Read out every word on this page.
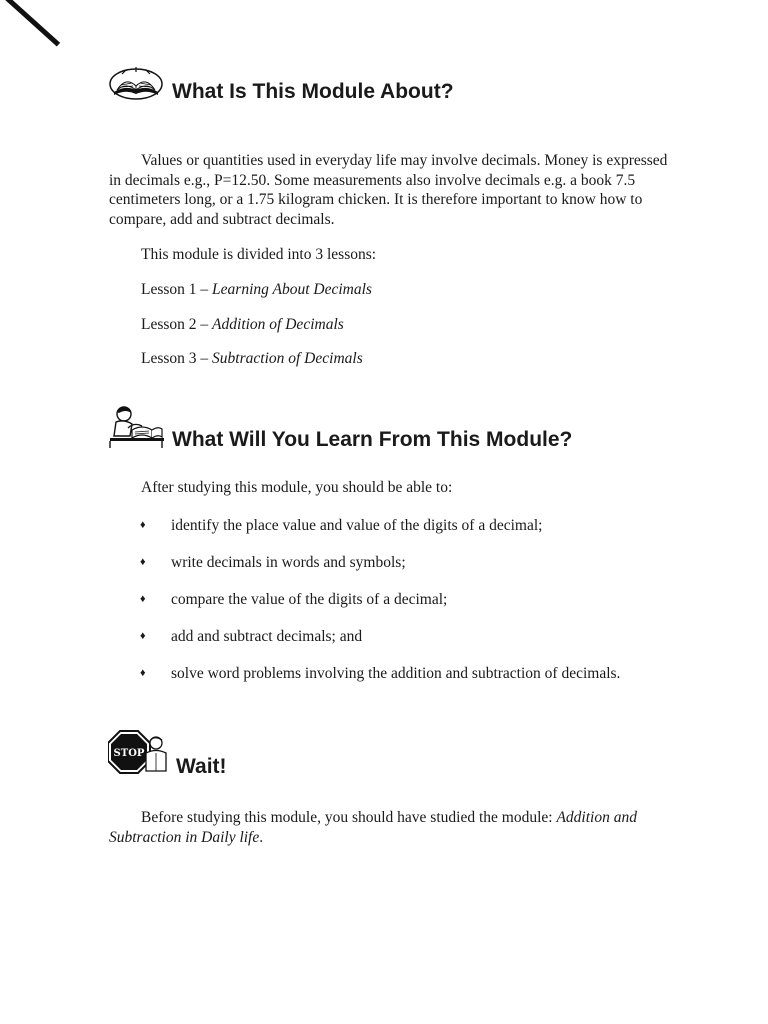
What Is This Module About?

Values or quantities used in everyday life may involve decimals. Money is expressed in decimals e.g., P=12.50. Some measurements also involve decimals e.g. a book 7.5 centimeters long, or a 1.75 kilogram chicken. It is therefore important to know how to compare, add and subtract decimals.

This module is divided into 3 lessons:

Lesson 1 – Learning About Decimals

Lesson 2 – Addition of Decimals

Lesson 3 – Subtraction of Decimals

What Will You Learn From This Module?

After studying this module, you should be able to:

♦	identify the place value and value of the digits of a decimal;
♦	write decimals in words and symbols;
♦	compare the value of the digits of a decimal;
♦	add and subtract decimals; and
♦	solve word problems involving the addition and subtraction of decimals.
STOP
Wait!

Before studying this module, you should have studied the module: Addition and Subtraction in Daily life.
